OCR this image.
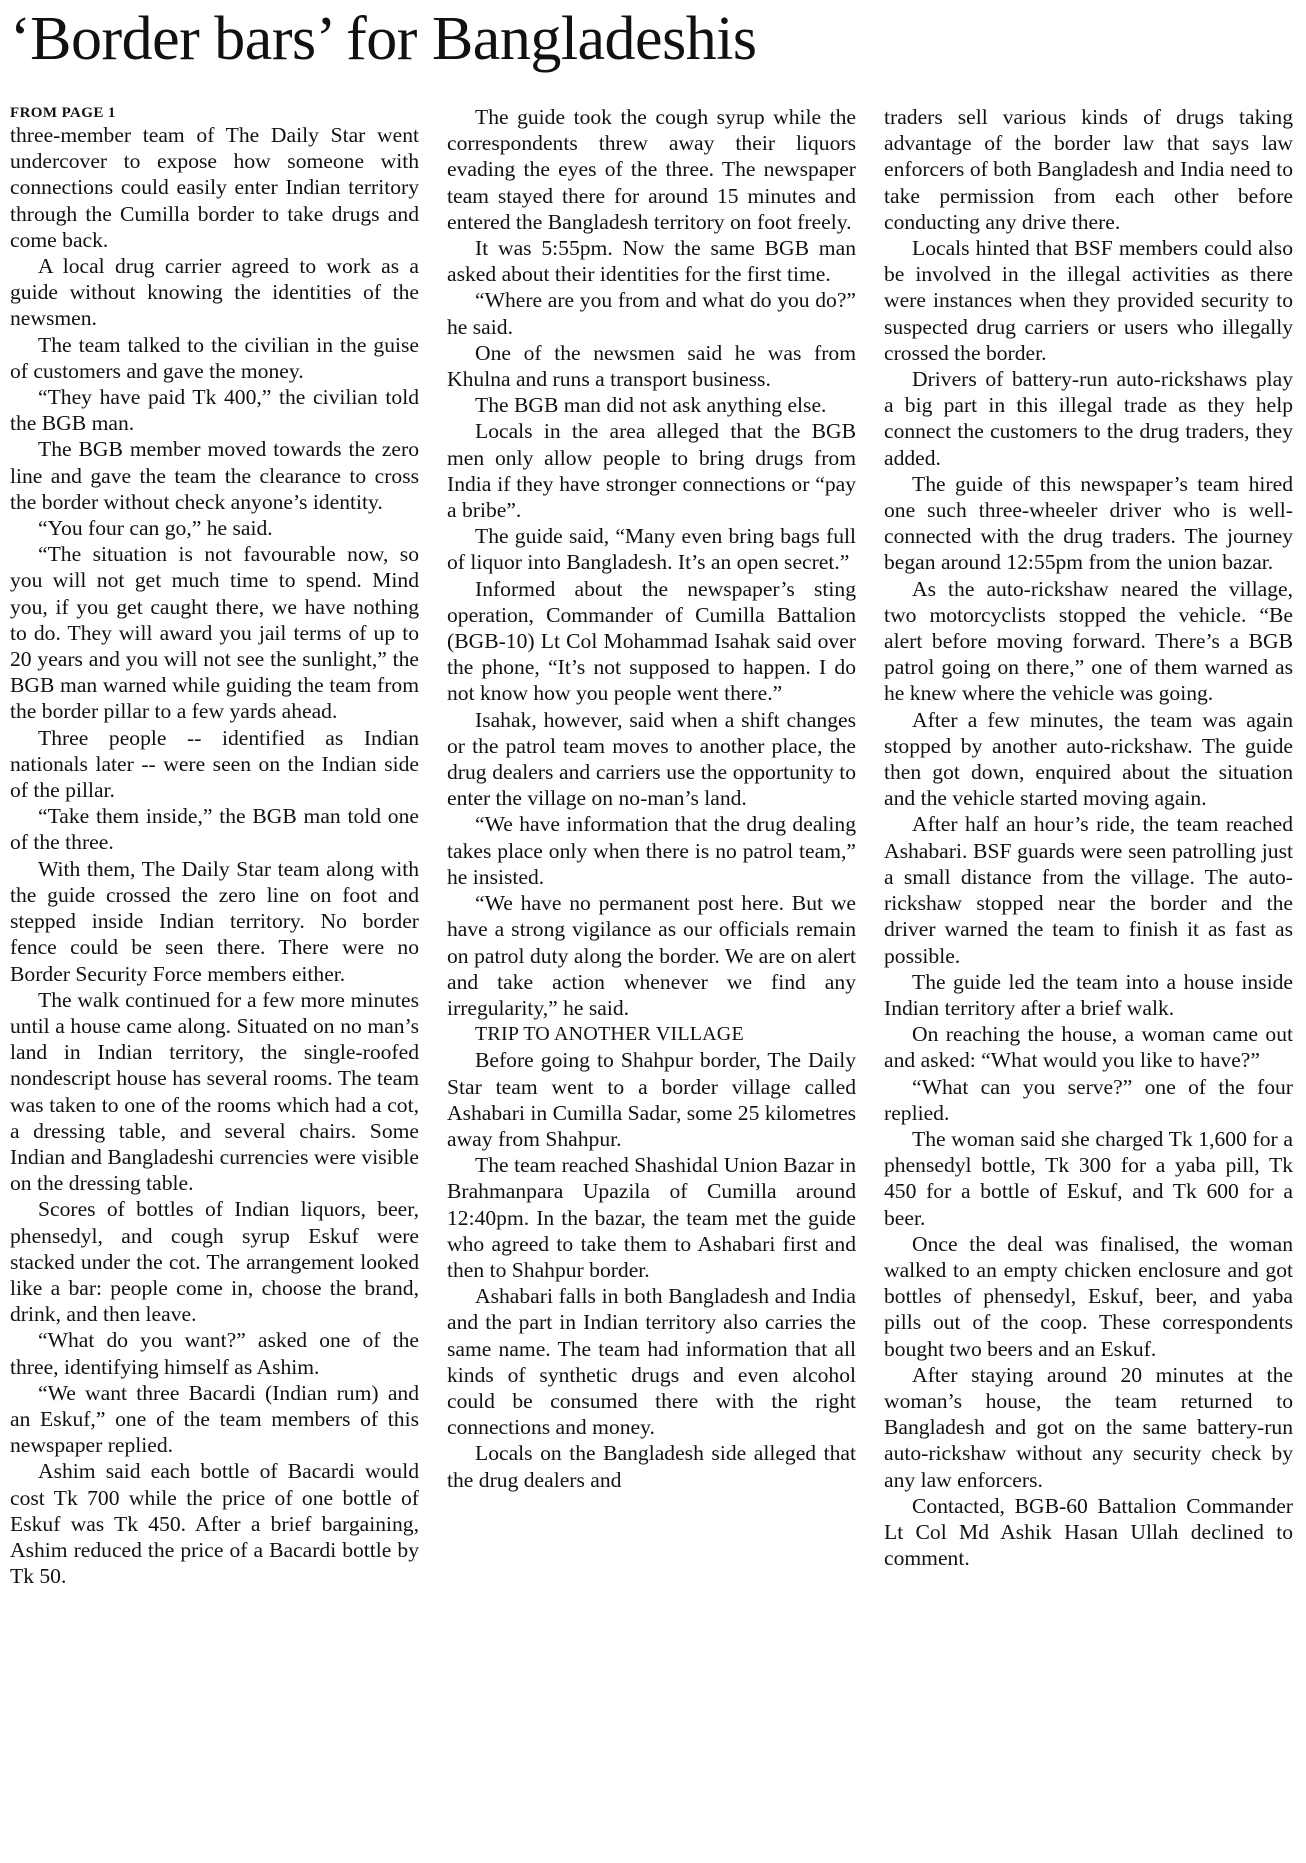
‘Border bars’ for Bangladeshis
FROM PAGE 1

three-member team of The Daily Star went undercover to expose how someone with connections could easily enter Indian territory through the Cumilla border to take drugs and come back.

A local drug carrier agreed to work as a guide without knowing the identities of the newsmen.

The team talked to the civilian in the guise of customers and gave the money.

“They have paid Tk 400,” the civilian told the BGB man.

The BGB member moved towards the zero line and gave the team the clearance to cross the border without check anyone’s identity.

“You four can go,” he said.

“The situation is not favourable now, so you will not get much time to spend. Mind you, if you get caught there, we have nothing to do. They will award you jail terms of up to 20 years and you will not see the sunlight,” the BGB man warned while guiding the team from the border pillar to a few yards ahead.

Three people -- identified as Indian nationals later -- were seen on the Indian side of the pillar.

“Take them inside,” the BGB man told one of the three.

With them, The Daily Star team along with the guide crossed the zero line on foot and stepped inside Indian territory. No border fence could be seen there. There were no Border Security Force members either.

The walk continued for a few more minutes until a house came along. Situated on no man’s land in Indian territory, the single-roofed nondescript house has several rooms. The team was taken to one of the rooms which had a cot, a dressing table, and several chairs. Some Indian and Bangladeshi currencies were visible on the dressing table.

Scores of bottles of Indian liquors, beer, phensedyl, and cough syrup Eskuf were stacked under the cot. The arrangement looked like a bar: people come in, choose the brand, drink, and then leave.

“What do you want?” asked one of the three, identifying himself as Ashim.

“We want three Bacardi (Indian rum) and an Eskuf,” one of the team members of this newspaper replied.

Ashim said each bottle of Bacardi would cost Tk 700 while the price of one bottle of Eskuf was Tk 450. After a brief bargaining, Ashim reduced the price of a Bacardi bottle by Tk 50.

The guide took the cough syrup while the correspondents threw away their liquors evading the eyes of the three. The newspaper team stayed there for around 15 minutes and entered the Bangladesh territory on foot freely.

It was 5:55pm. Now the same BGB man asked about their identities for the first time.

“Where are you from and what do you do?” he said.

One of the newsmen said he was from Khulna and runs a transport business.

The BGB man did not ask anything else.

Locals in the area alleged that the BGB men only allow people to bring drugs from India if they have stronger connections or “pay a bribe”.

The guide said, “Many even bring bags full of liquor into Bangladesh. It’s an open secret.”

Informed about the newspaper’s sting operation, Commander of Cumilla Battalion (BGB-10) Lt Col Mohammad Isahak said over the phone, “It’s not supposed to happen. I do not know how you people went there.”

Isahak, however, said when a shift changes or the patrol team moves to another place, the drug dealers and carriers use the opportunity to enter the village on no-man’s land.

“We have information that the drug dealing takes place only when there is no patrol team,” he insisted.

“We have no permanent post here. But we have a strong vigilance as our officials remain on patrol duty along the border. We are on alert and take action whenever we find any irregularity,” he said.

TRIP TO ANOTHER VILLAGE

Before going to Shahpur border, The Daily Star team went to a border village called Ashabari in Cumilla Sadar, some 25 kilometres away from Shahpur.

The team reached Shashidal Union Bazar in Brahmanpara Upazila of Cumilla around 12:40pm. In the bazar, the team met the guide who agreed to take them to Ashabari first and then to Shahpur border.

Ashabari falls in both Bangladesh and India and the part in Indian territory also carries the same name. The team had information that all kinds of synthetic drugs and even alcohol could be consumed there with the right connections and money.

Locals on the Bangladesh side alleged that the drug dealers and

traders sell various kinds of drugs taking advantage of the border law that says law enforcers of both Bangladesh and India need to take permission from each other before conducting any drive there.

Locals hinted that BSF members could also be involved in the illegal activities as there were instances when they provided security to suspected drug carriers or users who illegally crossed the border.

Drivers of battery-run auto-rickshaws play a big part in this illegal trade as they help connect the customers to the drug traders, they added.

The guide of this newspaper’s team hired one such three-wheeler driver who is well-connected with the drug traders. The journey began around 12:55pm from the union bazar.

As the auto-rickshaw neared the village, two motorcyclists stopped the vehicle. “Be alert before moving forward. There’s a BGB patrol going on there,” one of them warned as he knew where the vehicle was going.

After a few minutes, the team was again stopped by another auto-rickshaw. The guide then got down, enquired about the situation and the vehicle started moving again.

After half an hour’s ride, the team reached Ashabari. BSF guards were seen patrolling just a small distance from the village. The auto-rickshaw stopped near the border and the driver warned the team to finish it as fast as possible.

The guide led the team into a house inside Indian territory after a brief walk.

On reaching the house, a woman came out and asked: “What would you like to have?”

“What can you serve?” one of the four replied.

The woman said she charged Tk 1,600 for a phensedyl bottle, Tk 300 for a yaba pill, Tk 450 for a bottle of Eskuf, and Tk 600 for a beer.

Once the deal was finalised, the woman walked to an empty chicken enclosure and got bottles of phensedyl, Eskuf, beer, and yaba pills out of the coop. These correspondents bought two beers and an Eskuf.

After staying around 20 minutes at the woman’s house, the team returned to Bangladesh and got on the same battery-run auto-rickshaw without any security check by any law enforcers.

Contacted, BGB-60 Battalion Commander Lt Col Md Ashik Hasan Ullah declined to comment.
